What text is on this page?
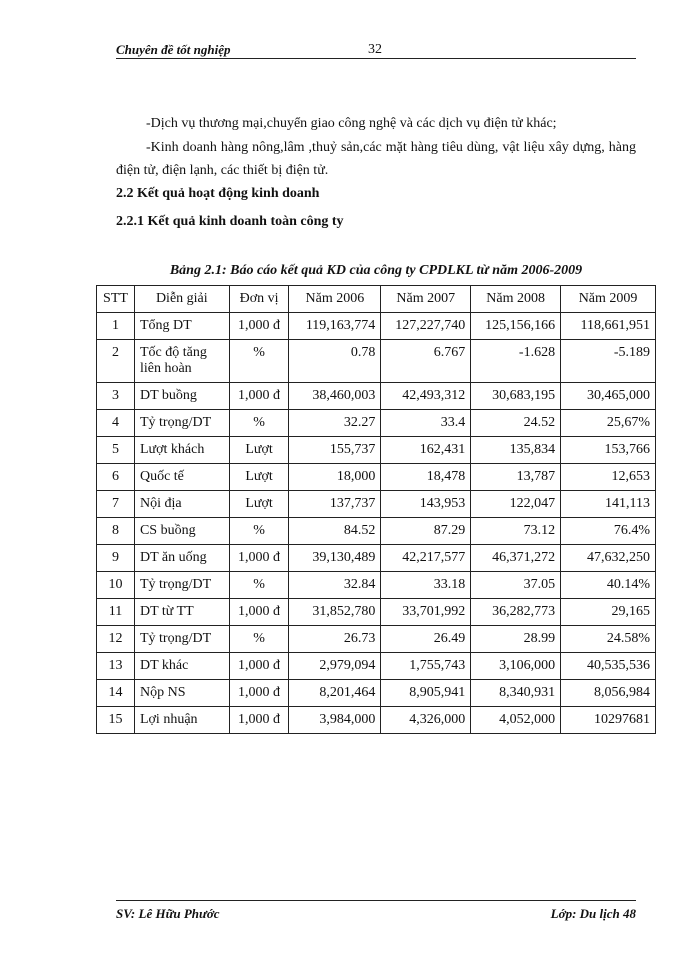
Chuyên đề tốt nghiệp	32
-Dịch vụ thương mại,chuyển giao công nghệ và các dịch vụ điện tử khác;
-Kinh doanh hàng nông,lâm ,thuỷ sản,các mặt hàng tiêu dùng, vật liệu xây dựng, hàng điện tử, điện lạnh, các thiết bị điện tử.
2.2 Kết quả hoạt động kinh doanh
2.2.1 Kết quả kinh doanh toàn công ty
Bảng 2.1: Báo cáo kết quả KD của công ty CPDLKL từ năm 2006-2009
STT	Diễn giải	Đơn vị	Năm 2006	Năm 2007	Năm 2008	Năm 2009
1	Tổng DT	1,000 đ	119,163,774	127,227,740	125,156,166	118,661,951
2	Tốc độ tăng liên hoàn	%	0.78	6.767	-1.628	-5.189
3	DT buồng	1,000 đ	38,460,003	42,493,312	30,683,195	30,465,000
4	Tỷ trọng/DT	%	32.27	33.4	24.52	25,67%
5	Lượt khách	Lượt	155,737	162,431	135,834	153,766
6	Quốc tế	Lượt	18,000	18,478	13,787	12,653
7	Nội địa	Lượt	137,737	143,953	122,047	141,113
8	CS buồng	%	84.52	87.29	73.12	76.4%
9	DT ăn uống	1,000 đ	39,130,489	42,217,577	46,371,272	47,632,250
10	Tỷ trọng/DT	%	32.84	33.18	37.05	40.14%
11	DT từ TT	1,000 đ	31,852,780	33,701,992	36,282,773	29,165
12	Tỷ trọng/DT	%	26.73	26.49	28.99	24.58%
13	DT khác	1,000 đ	2,979,094	1,755,743	3,106,000	40,535,536
14	Nộp NS	1,000 đ	8,201,464	8,905,941	8,340,931	8,056,984
15	Lợi nhuận	1,000 đ	3,984,000	4,326,000	4,052,000	10297681
SV: Lê Hữu Phước	Lớp: Du lịch 48
